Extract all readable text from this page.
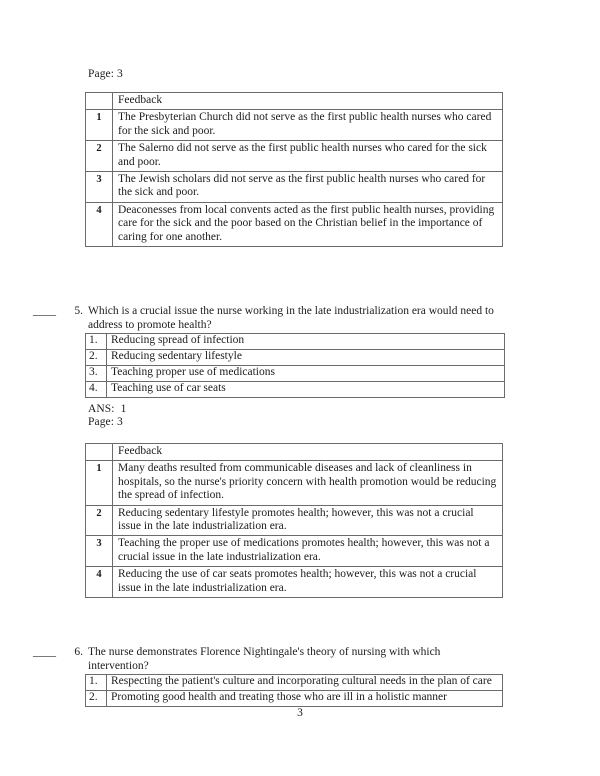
Page: 3
	Feedback
1	The Presbyterian Church did not serve as the first public health nurses who cared for the sick and poor.
2	The Salerno did not serve as the first public health nurses who cared for the sick and poor.
3	The Jewish scholars did not serve as the first public health nurses who cared for the sick and poor.
4	Deaconesses from local convents acted as the first public health nurses, providing care for the sick and the poor based on the Christian belief in the importance of caring for one another.
____	5. Which is a crucial issue the nurse working in the late industrialization era would need to address to promote health?
1.	Reducing spread of infection
2.	Reducing sedentary lifestyle
3.	Teaching proper use of medications
4.	Teaching use of car seats
ANS: 1
Page: 3
	Feedback
1	Many deaths resulted from communicable diseases and lack of cleanliness in hospitals, so the nurse's priority concern with health promotion would be reducing the spread of infection.
2	Reducing sedentary lifestyle promotes health; however, this was not a crucial issue in the late industrialization era.
3	Teaching the proper use of medications promotes health; however, this was not a crucial issue in the late industrialization era.
4	Reducing the use of car seats promotes health; however, this was not a crucial issue in the late industrialization era.
____	6. The nurse demonstrates Florence Nightingale's theory of nursing with which intervention?
1.	Respecting the patient's culture and incorporating cultural needs in the plan of care
2.	Promoting good health and treating those who are ill in a holistic manner
3
